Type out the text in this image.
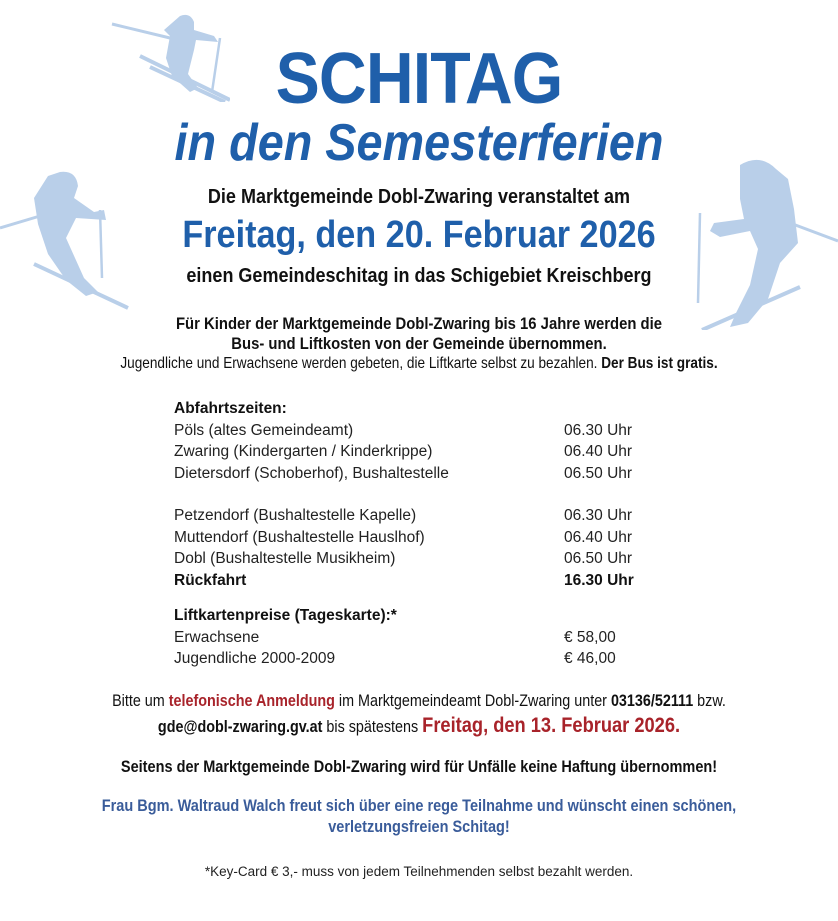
SCHITAG
in den Semesterferien
Die Marktgemeinde Dobl-Zwaring veranstaltet am
Freitag, den 20. Februar 2026
einen Gemeindeschitag in das Schigebiet Kreischberg
Für Kinder der Marktgemeinde Dobl-Zwaring bis 16 Jahre werden die
Bus- und Liftkosten von der Gemeinde übernommen.
Jugendliche und Erwachsene werden gebeten, die Liftkarte selbst zu bezahlen. Der Bus ist gratis.
Abfahrtszeiten:
Pöls (altes Gemeindeamt)	06.30 Uhr
Zwaring (Kindergarten / Kinderkrippe)	06.40 Uhr
Dietersdorf (Schoberhof), Bushaltestelle	06.50 Uhr
Petzendorf (Bushaltestelle Kapelle)	06.30 Uhr
Muttendorf (Bushaltestelle Hauslhof)	06.40 Uhr
Dobl (Bushaltestelle Musikheim)	06.50 Uhr
Rückfahrt	16.30 Uhr
Liftkartenpreise (Tageskarte):*
Erwachsene	€ 58,00
Jugendliche 2000-2009	€ 46,00
Bitte um telefonische Anmeldung im Marktgemeindeamt Dobl-Zwaring unter 03136/52111 bzw.
gde@dobl-zwaring.gv.at bis spätestens Freitag, den 13. Februar 2026.
Seitens der Marktgemeinde Dobl-Zwaring wird für Unfälle keine Haftung übernommen!
Frau Bgm. Waltraud Walch freut sich über eine rege Teilnahme und wünscht einen schönen,
verletzungsfreien Schitag!
*Key-Card € 3,- muss von jedem Teilnehmenden selbst bezahlt werden.
